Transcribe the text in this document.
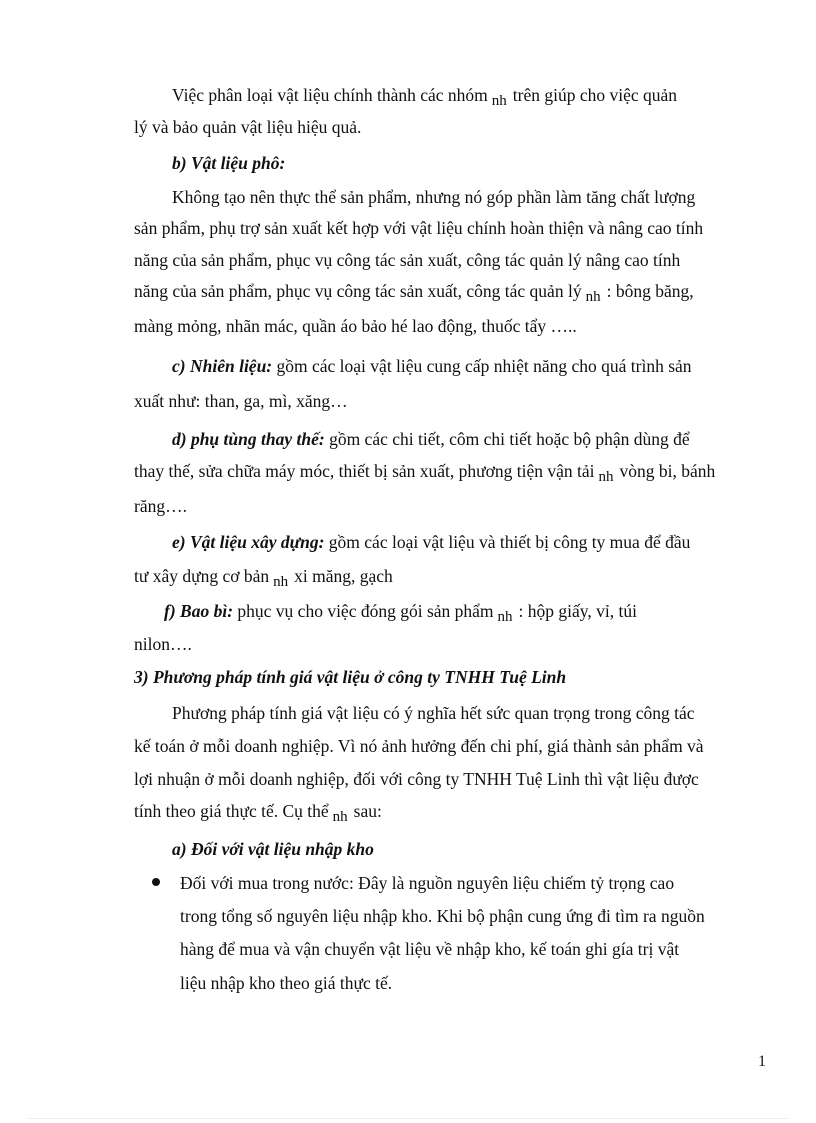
Việc phân loại vật liệu chính thành các nhóm nh trên giúp cho việc quản
lý và bảo quản vật liệu hiệu quả.
b) Vật liệu phô:
Không tạo nên thực thể sản phẩm, nhưng nó góp phần làm tăng chất lượng
sản phẩm, phụ trợ sản xuất kết hợp với vật liệu chính hoàn thiện và nâng cao tính
năng của sản phẩm, phục vụ công tác sản xuất, công tác quản lý nâng cao tính
năng của sản phẩm, phục vụ công tác sản xuất, công tác quản lý nh : bông băng,
màng mỏng, nhãn mác, quần áo bảo hé lao động, thuốc tẩy …..
c) Nhiên liệu: gồm các loại vật liệu cung cấp nhiệt năng cho quá trình sản
xuất như: than, ga, mì, xăng…
d) phụ tùng thay thế: gồm các chi tiết, côm chi tiết hoặc bộ phận dùng để
thay thế, sửa chữa máy móc, thiết bị sản xuất, phương tiện vận tải nh vòng bi, bánh
răng….
e) Vật liệu xây dựng: gồm các loại vật liệu và thiết bị công ty mua để đầu
tư xây dựng cơ bản nh xi măng, gạch
f) Bao bì: phục vụ cho việc đóng gói sản phẩm nh : hộp giấy, vỉ, túi
nilon….
3) Phương pháp tính giá vật liệu ở công ty TNHH Tuệ Linh
Phương pháp tính giá vật liệu có ý nghĩa hết sức quan trọng trong công tác
kế toán ở mỗi doanh nghiệp. Vì nó ảnh hưởng đến chi phí, giá thành sản phẩm và
lợi nhuận ở mỗi doanh nghiệp, đối với công ty TNHH Tuệ Linh thì vật liệu được
tính theo giá thực tế. Cụ thể nh sau:
a) Đối với vật liệu nhập kho
Đối với mua trong nước: Đây là nguồn nguyên liệu chiếm tỷ trọng cao
trong tổng số nguyên liệu nhập kho. Khi bộ phận cung ứng đi tìm ra nguồn
hàng để mua và vận chuyển vật liệu về nhập kho, kế toán ghi gía trị vật
liệu nhập kho theo giá thực tế.
1
